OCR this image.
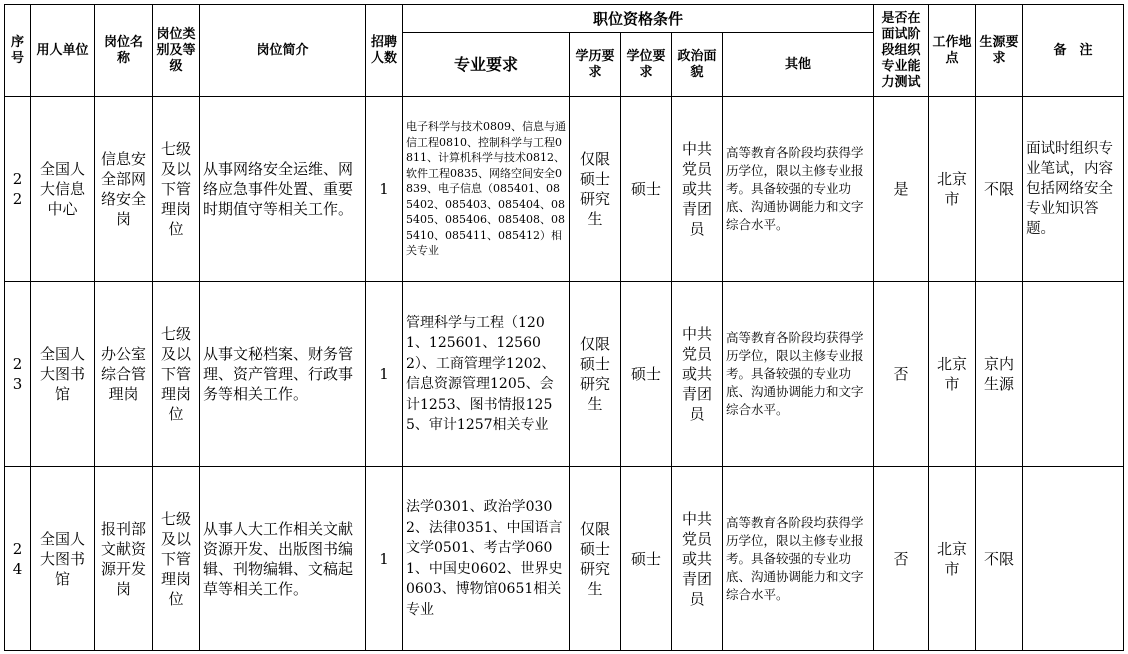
序号	用人单位	岗位名称	岗位类别及等级	岗位简介	招聘人数	职位资格条件					是否在面试阶段组织专业能力测试	工作地点	生源要求	备　注
						专业要求	学历要求	学位要求	政治面貌	其他				
22	全国人大信息中心	信息安全部网络安全岗	七级及以下管理岗位	从事网络安全运维、网络应急事件处置、重要时期值守等相关工作。	1	电子科学与技术0809、信息与通信工程0810、控制科学与工程0811、计算机科学与技术0812、软件工程0835、网络空间安全0839、电子信息（085401、085402、085403、085404、085405、085406、085408、085410、085411、085412）相关专业	仅限硕士研究生	硕士	中共党员或共青团员	高等教育各阶段均获得学历学位，限以主修专业报考。具备较强的专业功底、沟通协调能力和文字综合水平。	是	北京市	不限	面试时组织专业笔试，内容包括网络安全专业知识答题。
23	全国人大图书馆	办公室综合管理岗	七级及以下管理岗位	从事文秘档案、财务管理、资产管理、行政事务等相关工作。	1	管理科学与工程（1201、125601、125602）、工商管理学1202、信息资源管理1205、会计1253、图书情报1255、审计1257相关专业	仅限硕士研究生	硕士	中共党员或共青团员	高等教育各阶段均获得学历学位，限以主修专业报考。具备较强的专业功底、沟通协调能力和文字综合水平。	否	北京市	京内生源	
24	全国人大图书馆	报刊部文献资源开发岗	七级及以下管理岗位	从事人大工作相关文献资源开发、出版图书编辑、刊物编辑、文稿起草等相关工作。	1	法学0301、政治学0302、法律0351、中国语言文学0501、考古学0601、中国史0602、世界史0603、博物馆0651相关专业	仅限硕士研究生	硕士	中共党员或共青团员	高等教育各阶段均获得学历学位，限以主修专业报考。具备较强的专业功底、沟通协调能力和文字综合水平。	否	北京市	不限	
